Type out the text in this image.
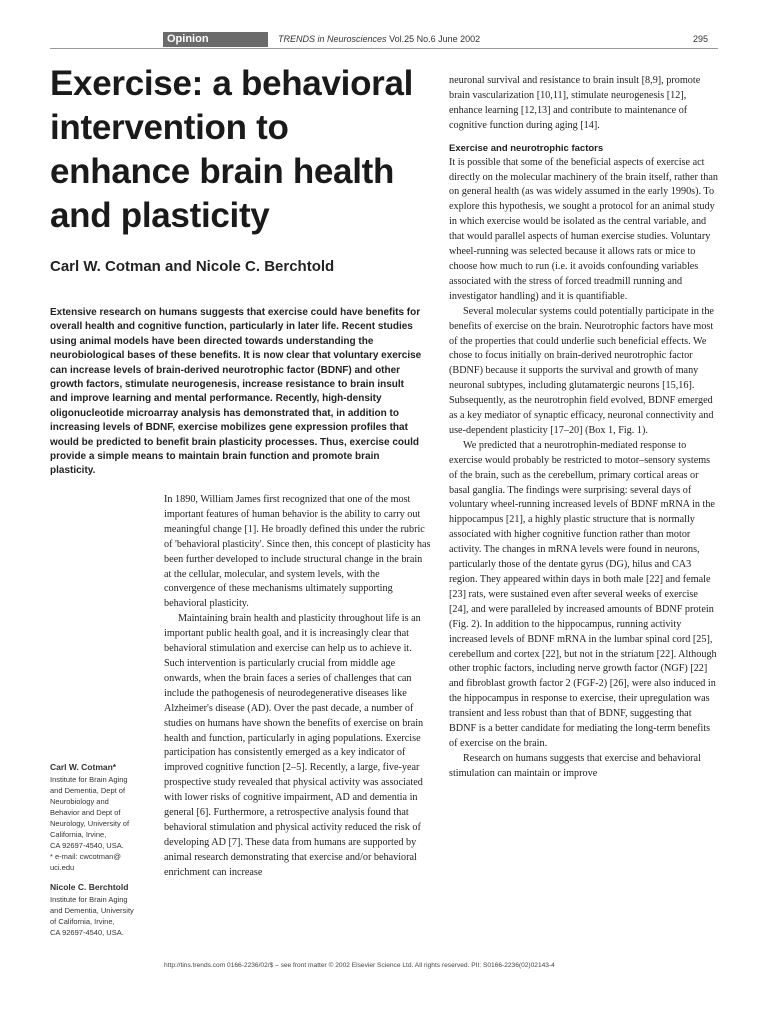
Opinion	TRENDS in Neurosciences Vol.25 No.6 June 2002	295
Exercise: a behavioral intervention to enhance brain health and plasticity
Carl W. Cotman and Nicole C. Berchtold
Extensive research on humans suggests that exercise could have benefits for overall health and cognitive function, particularly in later life. Recent studies using animal models have been directed towards understanding the neurobiological bases of these benefits. It is now clear that voluntary exercise can increase levels of brain-derived neurotrophic factor (BDNF) and other growth factors, stimulate neurogenesis, increase resistance to brain insult and improve learning and mental performance. Recently, high-density oligonucleotide microarray analysis has demonstrated that, in addition to increasing levels of BDNF, exercise mobilizes gene expression profiles that would be predicted to benefit brain plasticity processes. Thus, exercise could provide a simple means to maintain brain function and promote brain plasticity.
Carl W. Cotman*
Institute for Brain Aging
and Dementia, Dept of
Neurobiology and
Behavior and Dept of
Neurology, University of
California, Irvine,
CA 92697-4540, USA.
* e-mail: cwcotman@
uci.edu
Nicole C. Berchtold
Institute for Brain Aging
and Dementia, University
of California, Irvine,
CA 92697-4540, USA.

In 1890, William James first recognized that one of the most important features of human behavior is the ability to carry out meaningful change [1]. He broadly defined this under the rubric of 'behavioral plasticity'. Since then, this concept of plasticity has been further developed to include structural change in the brain at the cellular, molecular, and system levels, with the convergence of these mechanisms ultimately supporting behavioral plasticity.

Maintaining brain health and plasticity throughout life is an important public health goal, and it is increasingly clear that behavioral stimulation and exercise can help us to achieve it. Such intervention is particularly crucial from middle age onwards, when the brain faces a series of challenges that can include the pathogenesis of neurodegenerative diseases like Alzheimer's disease (AD). Over the past decade, a number of studies on humans have shown the benefits of exercise on brain health and function, particularly in aging populations. Exercise participation has consistently emerged as a key indicator of improved cognitive function [2–5]. Recently, a large, five-year prospective study revealed that physical activity was associated with lower risks of cognitive impairment, AD and dementia in general [6]. Furthermore, a retrospective analysis found that behavioral stimulation and physical activity reduced the risk of developing AD [7]. These data from humans are supported by animal research demonstrating that exercise and/or behavioral enrichment can increase

neuronal survival and resistance to brain insult [8,9], promote brain vascularization [10,11], stimulate neurogenesis [12], enhance learning [12,13] and contribute to maintenance of cognitive function during aging [14].

Exercise and neurotrophic factors

It is possible that some of the beneficial aspects of exercise act directly on the molecular machinery of the brain itself, rather than on general health (as was widely assumed in the early 1990s). To explore this hypothesis, we sought a protocol for an animal study in which exercise would be isolated as the central variable, and that would parallel aspects of human exercise studies. Voluntary wheel-running was selected because it allows rats or mice to choose how much to run (i.e. it avoids confounding variables associated with the stress of forced treadmill running and investigator handling) and it is quantifiable.

Several molecular systems could potentially participate in the benefits of exercise on the brain. Neurotrophic factors have most of the properties that could underlie such beneficial effects. We chose to focus initially on brain-derived neurotrophic factor (BDNF) because it supports the survival and growth of many neuronal subtypes, including glutamatergic neurons [15,16]. Subsequently, as the neurotrophin field evolved, BDNF emerged as a key mediator of synaptic efficacy, neuronal connectivity and use-dependent plasticity [17–20] (Box 1, Fig. 1).

We predicted that a neurotrophin-mediated response to exercise would probably be restricted to motor–sensory systems of the brain, such as the cerebellum, primary cortical areas or basal ganglia. The findings were surprising: several days of voluntary wheel-running increased levels of BDNF mRNA in the hippocampus [21], a highly plastic structure that is normally associated with higher cognitive function rather than motor activity. The changes in mRNA levels were found in neurons, particularly those of the dentate gyrus (DG), hilus and CA3 region. They appeared within days in both male [22] and female [23] rats, were sustained even after several weeks of exercise [24], and were paralleled by increased amounts of BDNF protein (Fig. 2). In addition to the hippocampus, running activity increased levels of BDNF mRNA in the lumbar spinal cord [25], cerebellum and cortex [22], but not in the striatum [22]. Although other trophic factors, including nerve growth factor (NGF) [22] and fibroblast growth factor 2 (FGF-2) [26], were also induced in the hippocampus in response to exercise, their upregulation was transient and less robust than that of BDNF, suggesting that BDNF is a better candidate for mediating the long-term benefits of exercise on the brain.

Research on humans suggests that exercise and behavioral stimulation can maintain or improve

http://tins.trends.com 0166-2236/02/$ – see front matter © 2002 Elsevier Science Ltd. All rights reserved. PII: S0166-2236(02)02143-4
